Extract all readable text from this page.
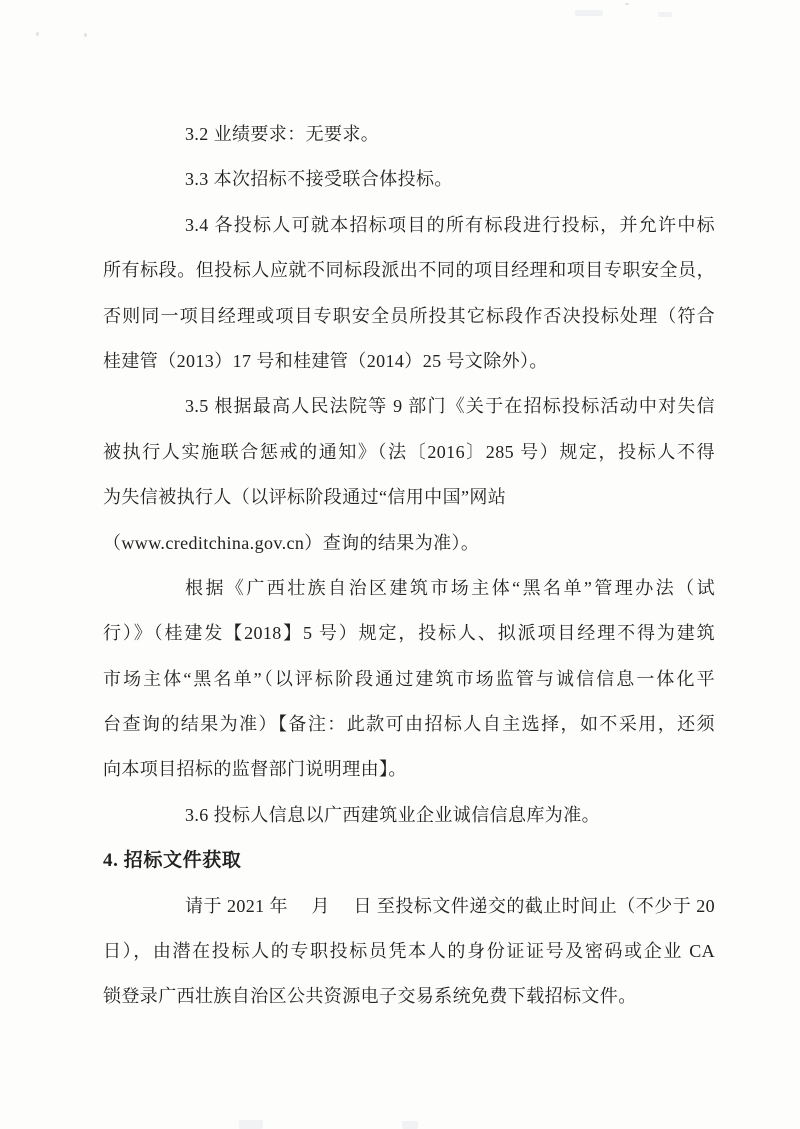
3.2 业绩要求：无要求。

3.3 本次招标不接受联合体投标。

3.4 各投标人可就本招标项目的所有标段进行投标，并允许中标

所有标段。但投标人应就不同标段派出不同的项目经理和项目专职安全员，

否则同一项目经理或项目专职安全员所投其它标段作否决投标处理（符合

桂建管（2013）17 号和桂建管（2014）25 号文除外）。

3.5 根据最高人民法院等 9 部门《关于在招标投标活动中对失信

被执行人实施联合惩戒的通知》（法〔2016〕285 号）规定，投标人不得

为失信被执行人（以评标阶段通过“信用中国”网站

（www.creditchina.gov.cn）查询的结果为准）。

根据《广西壮族自治区建筑市场主体“黑名单”管理办法（试

行）》（桂建发【2018】5 号）规定，投标人、拟派项目经理不得为建筑

市场主体“黑名单”（以评标阶段通过建筑市场监管与诚信信息一体化平

台查询的结果为准）【备注：此款可由招标人自主选择，如不采用，还须

向本项目招标的监督部门说明理由】。

3.6 投标人信息以广西建筑业企业诚信信息库为准。

4. 招标文件获取

请于 2021 年　 月　 日 至投标文件递交的截止时间止（不少于 20

日），由潜在投标人的专职投标员凭本人的身份证证号及密码或企业 CA

锁登录广西壮族自治区公共资源电子交易系统免费下载招标文件。
